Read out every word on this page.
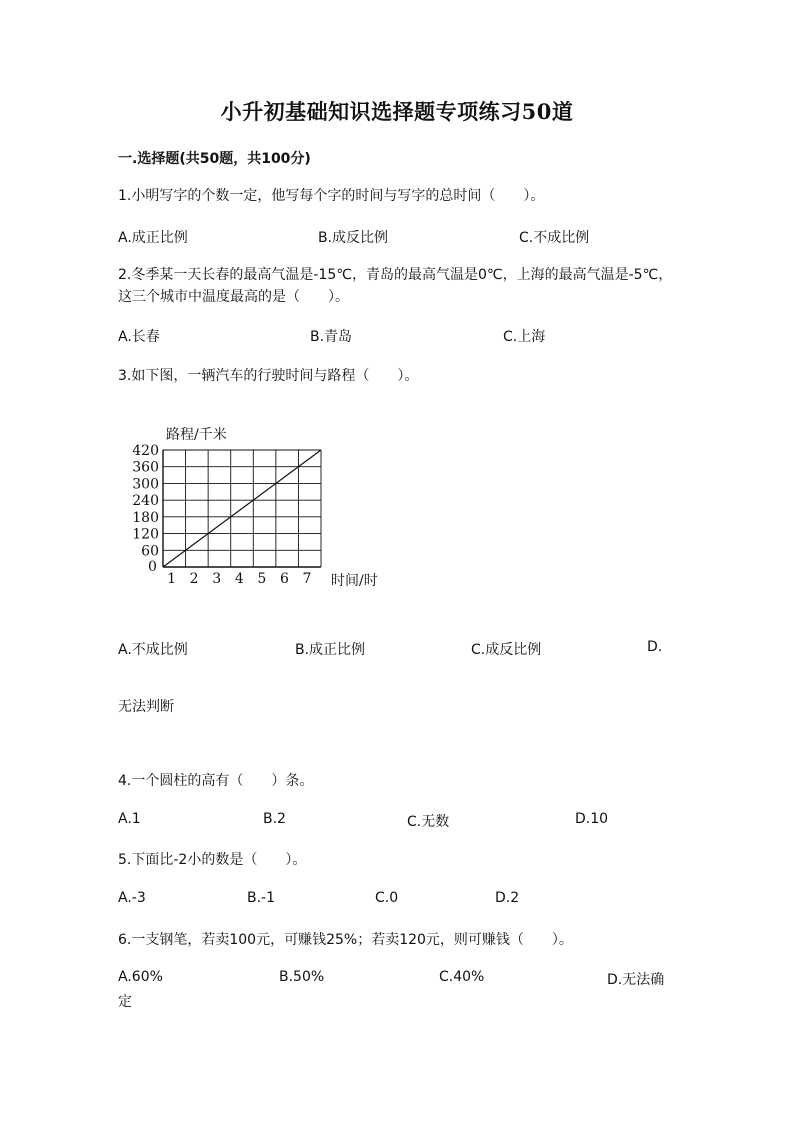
小升初基础知识选择题专项练习50道
一.选择题(共50题，共100分)
1.小明写字的个数一定，他写每个字的时间与写字的总时间（　　）。
A.成正比例	B.成反比例	C.不成比例
2.冬季某一天长春的最高气温是-15℃，青岛的最高气温是0℃，上海的最高气温是-5℃，这三个城市中温度最高的是（　　）。
A.长春	B.青岛	C.上海
3.如下图，一辆汽车的行驶时间与路程（　　）。
路程/千米
时间/时
0
60
120
180
240
300
360
420
1 2 3 4 5 6 7
A.不成比例	B.成正比例	C.成反比例	D.
无法判断
4.一个圆柱的高有（　　）条。
A.1	B.2	C.无数	D.10
5.下面比-2小的数是（　　）。
A.-3	B.-1	C.0	D.2
6.一支钢笔，若卖100元，可赚钱25%；若卖120元，则可赚钱（　　）。
A.60%	B.50%	C.40%	D.无法确
定
